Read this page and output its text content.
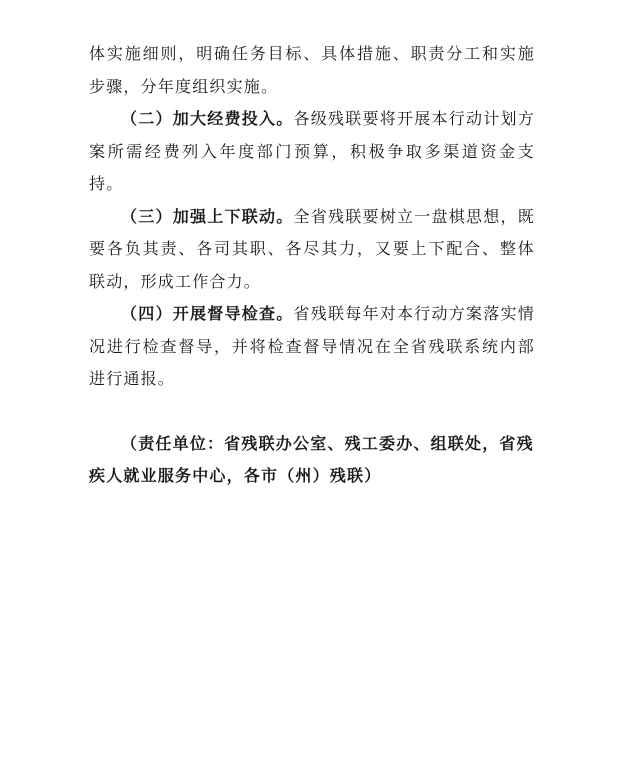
体实施细则，明确任务目标、具体措施、职责分工和实施步骤，分年度组织实施。

（二）加大经费投入。各级残联要将开展本行动计划方案所需经费列入年度部门预算，积极争取多渠道资金支持。

（三）加强上下联动。全省残联要树立一盘棋思想，既要各负其责、各司其职、各尽其力，又要上下配合、整体联动，形成工作合力。

（四）开展督导检查。省残联每年对本行动方案落实情况进行检查督导，并将检查督导情况在全省残联系统内部进行通报。

（责任单位：省残联办公室、残工委办、组联处，省残疾人就业服务中心，各市（州）残联）
